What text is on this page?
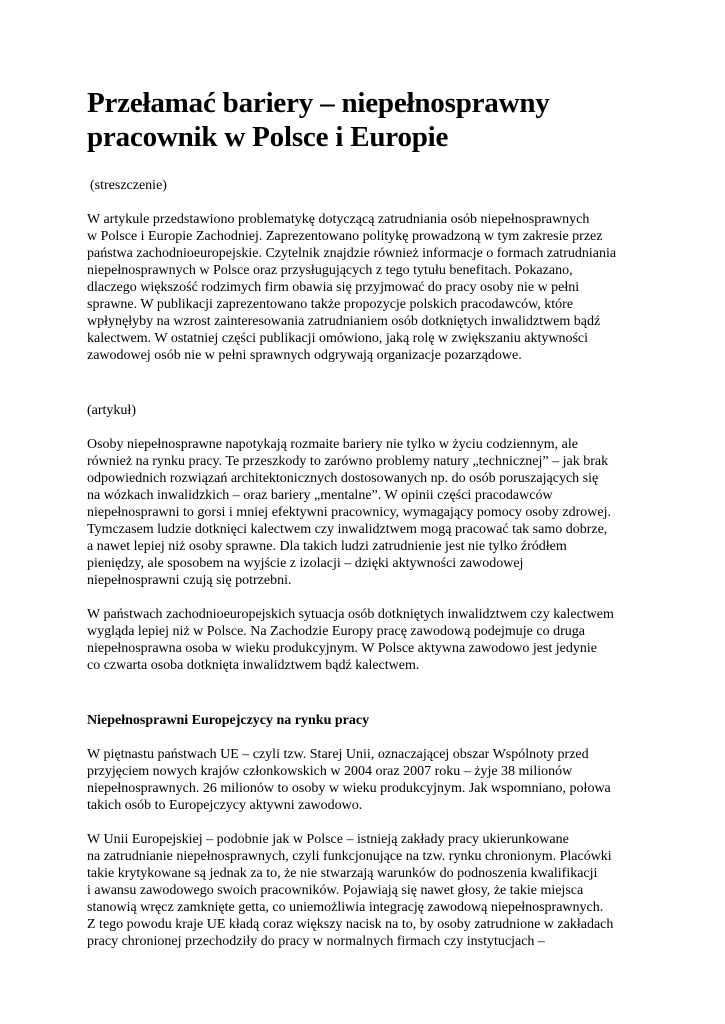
Przełamać bariery – niepełnosprawny
pracownik w Polsce i Europie

(streszczenie)

W artykule przedstawiono problematykę dotyczącą zatrudniania osób niepełnosprawnych
w Polsce i Europie Zachodniej. Zaprezentowano politykę prowadzoną w tym zakresie przez
państwa zachodnioeuropejskie. Czytelnik znajdzie również informacje o formach zatrudniania
niepełnosprawnych w Polsce oraz przysługujących z tego tytułu benefitach. Pokazano,
dlaczego większość rodzimych firm obawia się przyjmować do pracy osoby nie w pełni
sprawne. W publikacji zaprezentowano także propozycje polskich pracodawców, które
wpłynęłyby na wzrost zainteresowania zatrudnianiem osób dotkniętych inwalidztwem bądź
kalectwem. W ostatniej części publikacji omówiono, jaką rolę w zwiększaniu aktywności
zawodowej osób nie w pełni sprawnych odgrywają organizacje pozarządowe.

(artykuł)

Osoby niepełnosprawne napotykają rozmaite bariery nie tylko w życiu codziennym, ale
również na rynku pracy. Te przeszkody to zarówno problemy natury „technicznej” – jak brak
odpowiednich rozwiązań architektonicznych dostosowanych np. do osób poruszających się
na wózkach inwalidzkich – oraz bariery „mentalne”. W opinii części pracodawców
niepełnosprawni to gorsi i mniej efektywni pracownicy, wymagający pomocy osoby zdrowej.
Tymczasem ludzie dotknięci kalectwem czy inwalidztwem mogą pracować tak samo dobrze,
a nawet lepiej niż osoby sprawne. Dla takich ludzi zatrudnienie jest nie tylko źródłem
pieniędzy, ale sposobem na wyjście z izolacji – dzięki aktywności zawodowej
niepełnosprawni czują się potrzebni.
W państwach zachodnioeuropejskich sytuacja osób dotkniętych inwalidztwem czy kalectwem
wygląda lepiej niż w Polsce. Na Zachodzie Europy pracę zawodową podejmuje co druga
niepełnosprawna osoba w wieku produkcyjnym. W Polsce aktywna zawodowo jest jedynie
co czwarta osoba dotknięta inwalidztwem bądź kalectwem.

Niepełnosprawni Europejczycy na rynku pracy

W piętnastu państwach UE – czyli tzw. Starej Unii, oznaczającej obszar Wspólnoty przed
przyjęciem nowych krajów członkowskich w 2004 oraz 2007 roku – żyje 38 milionów
niepełnosprawnych. 26 milionów to osoby w wieku produkcyjnym. Jak wspomniano, połowa
takich osób to Europejczycy aktywni zawodowo.
W Unii Europejskiej – podobnie jak w Polsce – istnieją zakłady pracy ukierunkowane
na zatrudnianie niepełnosprawnych, czyli funkcjonujące na tzw. rynku chronionym. Placówki
takie krytykowane są jednak za to, że nie stwarzają warunków do podnoszenia kwalifikacji
i awansu zawodowego swoich pracowników. Pojawiają się nawet głosy, że takie miejsca
stanowią wręcz zamknięte getta, co uniemożliwia integrację zawodową niepełnosprawnych.
Z tego powodu kraje UE kładą coraz większy nacisk na to, by osoby zatrudnione w zakładach
pracy chronionej przechodziły do pracy w normalnych firmach czy instytucjach –
